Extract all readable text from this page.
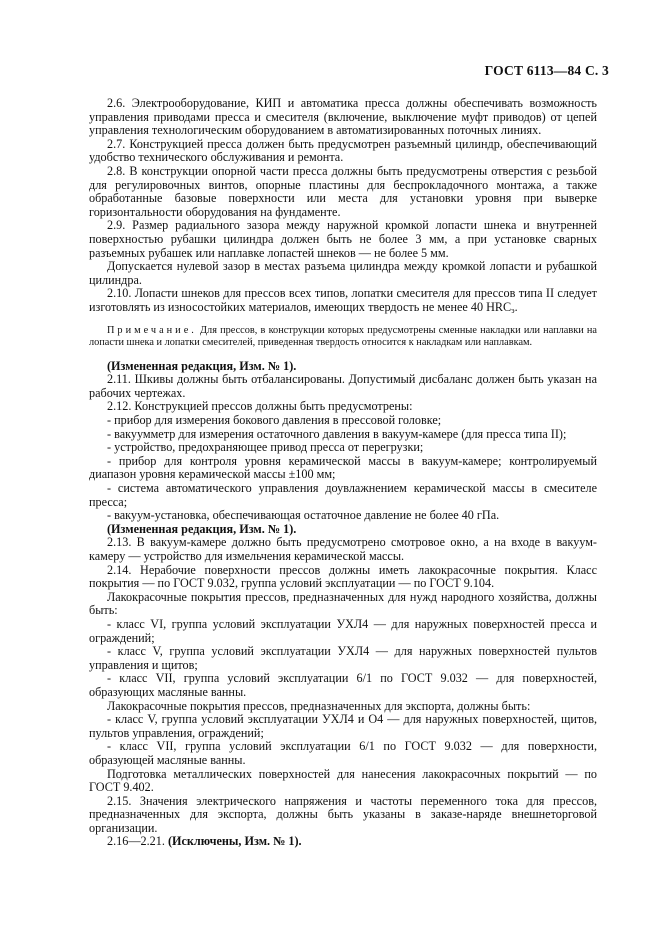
ГОСТ 6113—84 С. 3

2.6. Электрооборудование, КИП и автоматика пресса должны обеспечивать возможность управления приводами пресса и смесителя (включение, выключение муфт приводов) от цепей управления технологическим оборудованием в автоматизированных поточных линиях.

2.7. Конструкцией пресса должен быть предусмотрен разъемный цилиндр, обеспечивающий удобство технического обслуживания и ремонта.

2.8. В конструкции опорной части пресса должны быть предусмотрены отверстия с резьбой для регулировочных винтов, опорные пластины для беспрокладочного монтажа, а также обработанные базовые поверхности или места для установки уровня при выверке горизонтальности оборудования на фундаменте.

2.9. Размер радиального зазора между наружной кромкой лопасти шнека и внутренней поверхностью рубашки цилиндра должен быть не более 3 мм, а при установке сварных разъемных рубашек или наплавке лопастей шнеков — не более 5 мм.

Допускается нулевой зазор в местах разъема цилиндра между кромкой лопасти и рубашкой цилиндра.

2.10. Лопасти шнеков для прессов всех типов, лопатки смесителя для прессов типа II следует изготовлять из износостойких материалов, имеющих твердость не менее 40 $HRC_э$.

Примечание. Для прессов, в конструкции которых предусмотрены сменные накладки или наплавки на лопасти шнека и лопатки смесителей, приведенная твердость относится к накладкам или наплавкам.

(Измененная редакция, Изм. № 1).

2.11. Шкивы должны быть отбалансированы. Допустимый дисбаланс должен быть указан на рабочих чертежах.

2.12. Конструкцией прессов должны быть предусмотрены:

- прибор для измерения бокового давления в прессовой головке;

- вакуумметр для измерения остаточного давления в вакуум-камере (для пресса типа II);

- устройство, предохраняющее привод пресса от перегрузки;

- прибор для контроля уровня керамической массы в вакуум-камере; контролируемый диапазон уровня керамической массы ±100 мм;

- система автоматического управления доувлажнением керамической массы в смесителе пресса;

- вакуум-установка, обеспечивающая остаточное давление не более 40 гПа.

(Измененная редакция, Изм. № 1).

2.13. В вакуум-камере должно быть предусмотрено смотровое окно, а на входе в вакуум-камеру — устройство для измельчения керамической массы.

2.14. Нерабочие поверхности прессов должны иметь лакокрасочные покрытия. Класс покрытия — по ГОСТ 9.032, группа условий эксплуатации — по ГОСТ 9.104.

Лакокрасочные покрытия прессов, предназначенных для нужд народного хозяйства, должны быть:

- класс VI, группа условий эксплуатации УХЛ4 — для наружных поверхностей пресса и ограждений;

- класс V, группа условий эксплуатации УХЛ4 — для наружных поверхностей пультов управления и щитов;

- класс VII, группа условий эксплуатации 6/1 по ГОСТ 9.032 — для поверхностей, образующих масляные ванны.

Лакокрасочные покрытия прессов, предназначенных для экспорта, должны быть:

- класс V, группа условий эксплуатации УХЛ4 и О4 — для наружных поверхностей, щитов, пультов управления, ограждений;

- класс VII, группа условий эксплуатации 6/1 по ГОСТ 9.032 — для поверхности, образующей масляные ванны.

Подготовка металлических поверхностей для нанесения лакокрасочных покрытий — по ГОСТ 9.402.

2.15. Значения электрического напряжения и частоты переменного тока для прессов, предназначенных для экспорта, должны быть указаны в заказе-наряде внешнеторговой организации.

2.16—2.21. (Исключены, Изм. № 1).
